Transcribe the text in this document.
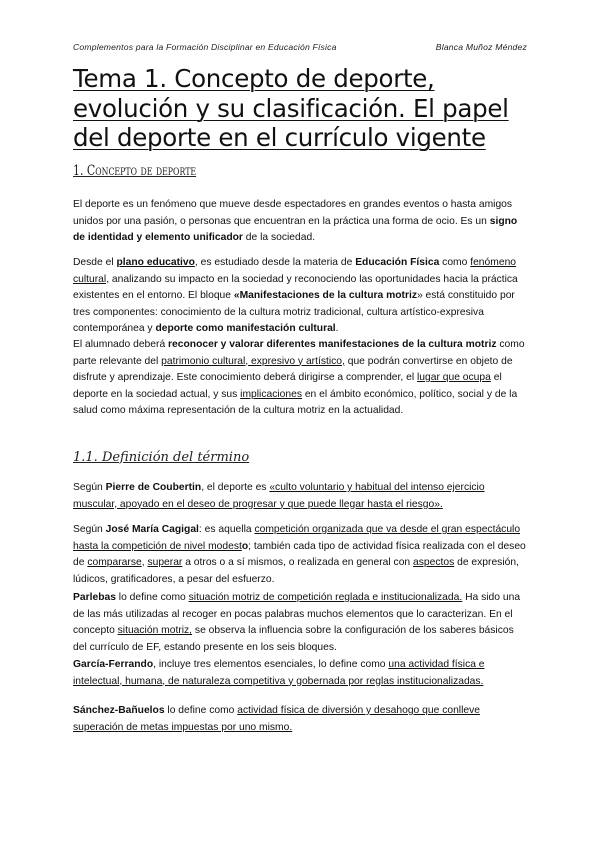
Complementos para la Formación Disciplinar en Educación Física	Blanca Muñoz Méndez
Tema 1. Concepto de deporte, evolución y su clasificación. El papel del deporte en el currículo vigente
1. Concepto de deporte

El deporte es un fenómeno que mueve desde espectadores en grandes eventos o hasta amigos unidos por una pasión, o personas que encuentran en la práctica una forma de ocio. Es un signo de identidad y elemento unificador de la sociedad.

Desde el plano educativo, es estudiado desde la materia de Educación Física como fenómeno cultural, analizando su impacto en la sociedad y reconociendo las oportunidades hacia la práctica existentes en el entorno. El bloque «Manifestaciones de la cultura motriz» está constituido por tres componentes: conocimiento de la cultura motriz tradicional, cultura artístico-expresiva contemporánea y deporte como manifestación cultural.

El alumnado deberá reconocer y valorar diferentes manifestaciones de la cultura motriz como parte relevante del patrimonio cultural, expresivo y artístico, que podrán convertirse en objeto de disfrute y aprendizaje. Este conocimiento deberá dirigirse a comprender, el lugar que ocupa el deporte en la sociedad actual, y sus implicaciones en el ámbito económico, político, social y de la salud como máxima representación de la cultura motriz en la actualidad.

1.1. Definición del término

Según Pierre de Coubertin, el deporte es «culto voluntario y habitual del intenso ejercicio muscular, apoyado en el deseo de progresar y que puede llegar hasta el riesgo».

Según José María Cagigal: es aquella competición organizada que va desde el gran espectáculo hasta la competición de nivel modesto; también cada tipo de actividad física realizada con el deseo de compararse, superar a otros o a sí mismos, o realizada en general con aspectos de expresión, lúdicos, gratificadores, a pesar del esfuerzo.

Parlebas lo define como situación motriz de competición reglada e institucionalizada. Ha sido una de las más utilizadas al recoger en pocas palabras muchos elementos que lo caracterizan. En el concepto situación motriz, se observa la influencia sobre la configuración de los saberes básicos del currículo de EF, estando presente en los seis bloques.

García-Ferrando, incluye tres elementos esenciales, lo define como una actividad física e intelectual, humana, de naturaleza competitiva y gobernada por reglas institucionalizadas.

Sánchez-Bañuelos lo define como actividad física de diversión y desahogo que conlleve superación de metas impuestas por uno mismo.
